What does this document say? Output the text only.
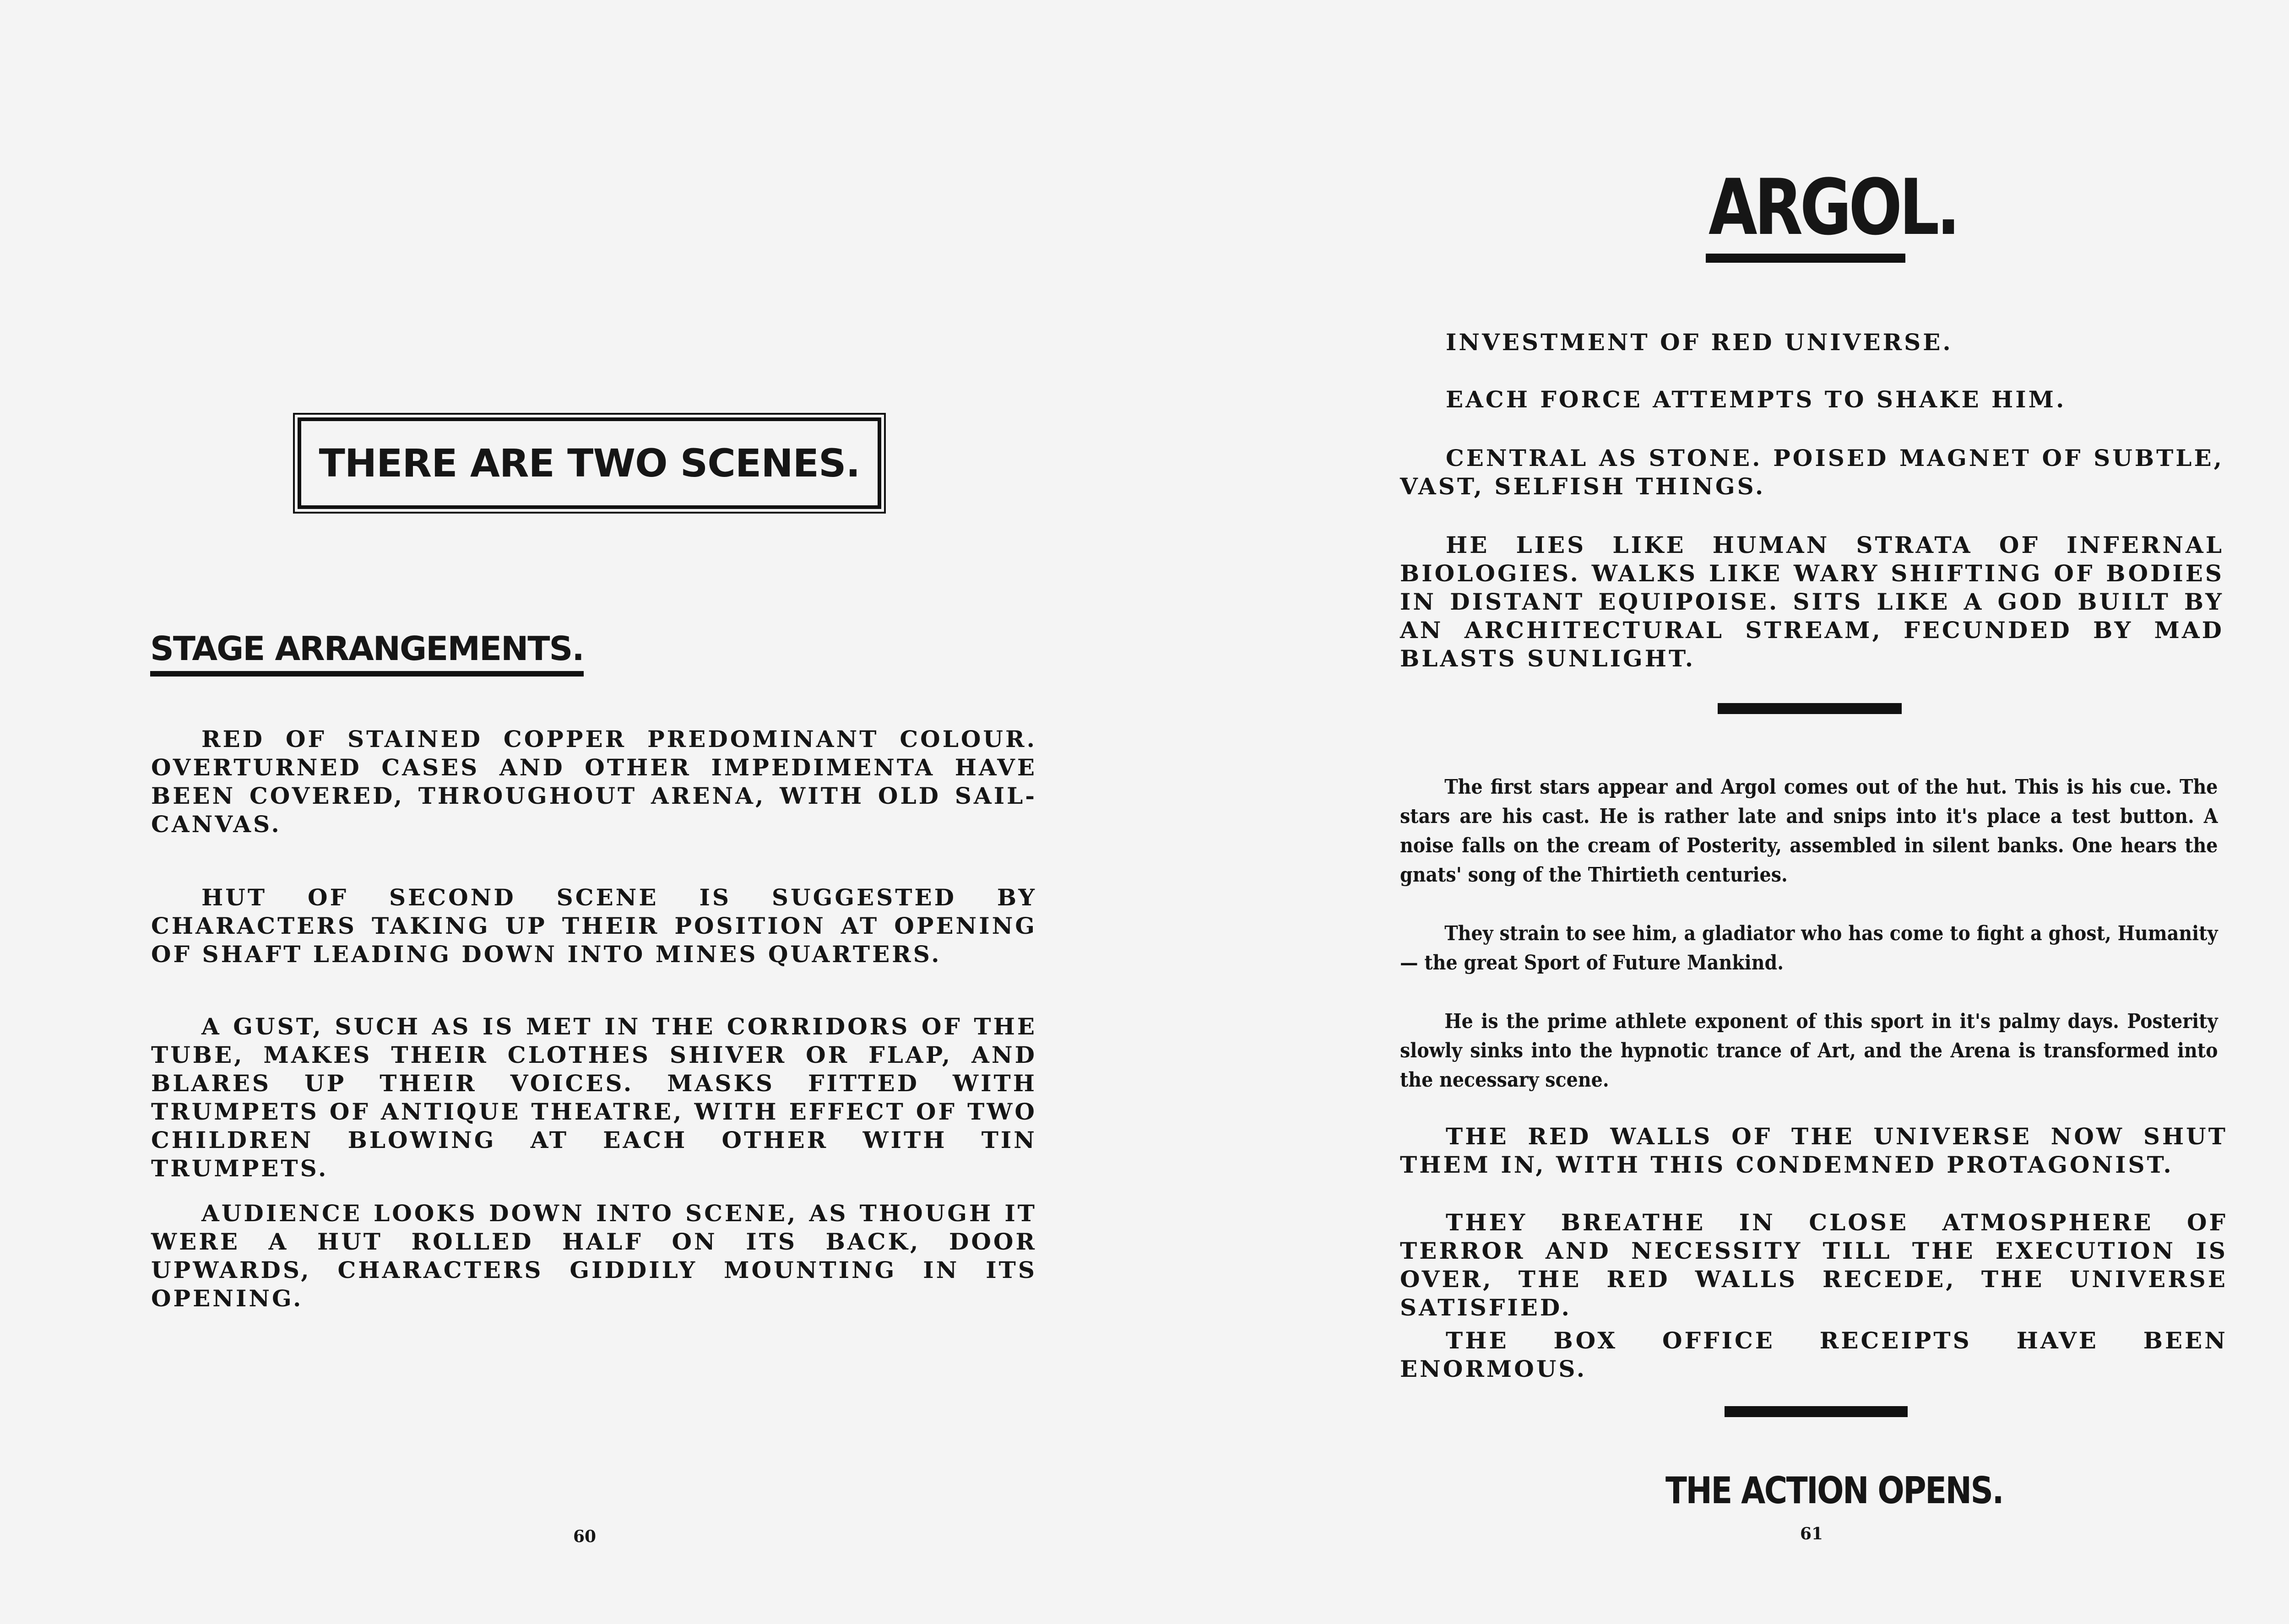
THERE ARE TWO SCENES.
STAGE ARRANGEMENTS.

RED OF STAINED COPPER PREDOMINANT COLOUR. OVERTURNED CASES AND OTHER IMPEDIMENTA HAVE BEEN COVERED, THROUGHOUT ARENA, WITH OLD SAIL-CANVAS.

HUT OF SECOND SCENE IS SUGGESTED BY CHARACTERS TAKING UP THEIR POSITION AT OPENING OF SHAFT LEADING DOWN INTO MINES QUARTERS.

A GUST, SUCH AS IS MET IN THE CORRIDORS OF THE TUBE, MAKES THEIR CLOTHES SHIVER OR FLAP, AND BLARES UP THEIR VOICES. MASKS FITTED WITH TRUMPETS OF ANTIQUE THEATRE, WITH EFFECT OF TWO CHILDREN BLOWING AT EACH OTHER WITH TIN TRUMPETS.

AUDIENCE LOOKS DOWN INTO SCENE, AS THOUGH IT WERE A HUT ROLLED HALF ON ITS BACK, DOOR UPWARDS, CHARACTERS GIDDILY MOUNTING IN ITS OPENING.

60
ARGOL.

INVESTMENT OF RED UNIVERSE.

EACH FORCE ATTEMPTS TO SHAKE HIM.

CENTRAL AS STONE. POISED MAGNET OF SUBTLE, VAST, SELFISH THINGS.

HE LIES LIKE HUMAN STRATA OF INFERNAL BIOLOGIES. WALKS LIKE WARY SHIFTING OF BODIES IN DISTANT EQUIPOISE. SITS LIKE A GOD BUILT BY AN ARCHITECTURAL STREAM, FECUNDED BY MAD BLASTS SUNLIGHT.

The first stars appear and Argol comes out of the hut. This is his cue. The stars are his cast. He is rather late and snips into it's place a test button. A noise falls on the cream of Posterity, assembled in silent banks. One hears the gnats' song of the Thirtieth centuries.

They strain to see him, a gladiator who has come to fight a ghost, Humanity— the great Sport of Future Mankind.

He is the prime athlete exponent of this sport in it's palmy days. Posterity slowly sinks into the hypnotic trance of Art, and the Arena is transformed into the necessary scene.

THE RED WALLS OF THE UNIVERSE NOW SHUT THEM IN, WITH THIS CONDEMNED PROTAGONIST.

THEY BREATHE IN CLOSE ATMOSPHERE OF TERROR AND NECESSITY TILL THE EXECUTION IS OVER, THE RED WALLS RECEDE, THE UNIVERSE SATISFIED.

THE BOX OFFICE RECEIPTS HAVE BEEN ENORMOUS.

THE ACTION OPENS.
61
